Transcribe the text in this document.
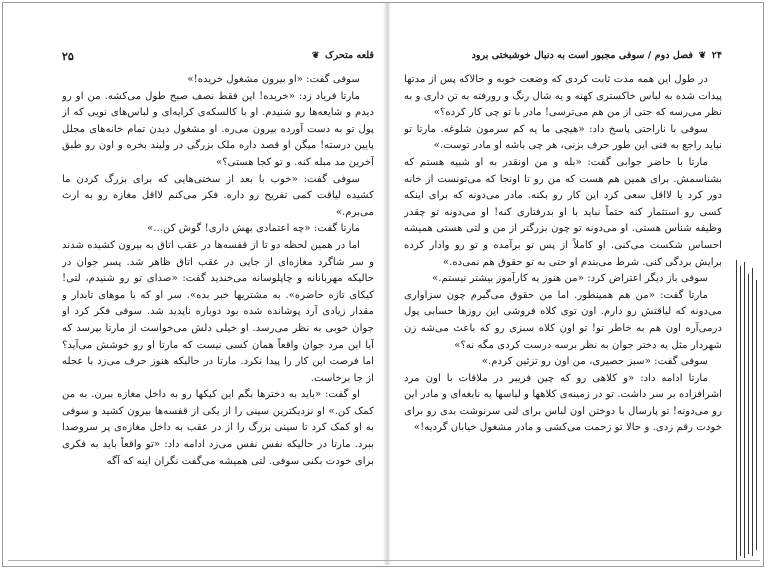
قلعه متحرک ❦
۲۵	۲۴ ❦ فصل دوم / سوفی مجبور است به دنبال خوشبختی برود

سوفی گفت: «او بیرون مشغول خریده!»

مارتا فریاد زد: «خریده! این فقط نصف صبح طول می‌کشه. من او رو دیدم و شایعه‌ها رو شنیدم. او با کالسکه‌ی کرایه‌ای و لباس‌های نویی که از پول تو به دست آورده بیرون می‌ره. او مشغول دیدن تمام خانه‌های مجلل پایین درسته! میگن او قصد داره ملک بزرگی در ولیند بخره و اون رو طبق آخرین مد مبله کنه. و تو کجا هستی؟»

سوفی گفت: «خوب با بعد از سختی‌هایی که برای بزرگ کردن ما کشیده لیاقت کمی تفریح رو داره. فکر می‌کنم لااقل مغازه رو به ارث می‌برم.»

مارتا گفت: «چه اعتمادی بهش داری! گوش کن...»

اما در همین لحظه دو تا از قفسه‌ها در عقب اتاق به بیرون کشیده شدند و سر شاگرد مغازه‌ای از جایی در عقب اتاق ظاهر شد. پسر جوان در حالیکه مهربانانه و چاپلوسانه می‌خندید گفت: «صدای تو رو شنیدم، لتی! کیکای تازه حاضره». به مشتریها خبر بده». سر او که با موهای تابدار و مقدار زیادی آرد پوشانده شده بود دوباره ناپدید شد. سوفی فکر کرد او جوان خوبی به نظر می‌رسد. او خیلی دلش می‌خواست از مارتا بپرسد که آیا این مرد جوان واقعاً همان کسی نیست که مارتا او رو خوشش می‌آید؟ اما فرصت این کار را پیدا نکرد. مارتا در حالیکه هنوز حرف می‌زد با عجله از جا برخاست.

او گفت: «باید به دخترها بگم این کیکها رو به داخل مغازه ببرن. به من کمک کن.» او نزدیکترین سینی را از یکی از قفسه‌ها بیرون کشید و سوفی به او کمک کرد تا سینی بزرگ را از در عقب به داخل مغازه‌ی پر سروصدا ببرد. مارتا در حالیکه نفس نفس می‌زد ادامه داد: «تو واقعاً باید به فکری برای خودت بکنی سوفی. لتی همیشه می‌گفت نگران اینه که آگه

در طول این همه مدت ثابت کردی که وضعت خوبه و حالاکه پس از مدتها پیدات شده به لباس خاکستری کهنه و یه شال رنگ و رورفته به تن داری و به نظر می‌رسه که حتی از من هم می‌ترسی! مادر با تو چی کار کرده؟»

سوفی با ناراحتی پاسخ داد: «هیچی ما یه کم سرمون شلوغه. مارتا تو نباید راجع به فنی این طور حرف بزنی، هر چی باشه او مادر توست.»

مارتا با حاضر جوابی گفت: «بله و من اونقدر به او شبیه هستم که بشناسمش. برای همین هم هست که من رو تا اونجا که می‌تونست از خانه دور کرد یا لااقل سعی کرد این کار رو بکنه. مادر می‌دونه که برای اینکه کسی رو استثمار کنه حتماً نباید با او بدرفتاری کنه! او می‌دونه تو چقدر وظیفه شناس هستی. او می‌دونه تو چون بزرگتر از من و لتی هستی همیشه احساس شکست می‌کنی. او کاملاً از پس تو برآمده و تو رو وادار کرده برایش بردگی کنی. شرط می‌بندم او حتی به تو حقوق هم نمی‌ده.»

سوفی باز دیگر اعتراض کرد: «من هنوز یه کارآموز بیشتر نیستم.»

مارتا گفت: «من هم همینطور. اما من حقوق می‌گیرم چون سزاواری می‌دونه که لیاقتش رو دارم. اون توی کلاه فروشی این روزها حسابی پول درمی‌آره اون هم به خاطر تو! تو اون کلاه سبزی رو که باعث می‌شه زن شهردار مثل یه دختر جوان به نظر برسه درست کردی مگه نه؟»

سوفی گفت: «سبز حصیری، من اون رو تزئین کردم.»

مارتا ادامه داد: «و کلاهی رو که چین فریبر در ملاقات با اون مرد اشرافزاده بر سر داشت. تو در زمینه‌ی کلاهها و لباسها یه نابغه‌ای و مادر این رو می‌دونه! تو پارسال با دوختن اون لباس برای لتی سرنوشت بدی رو برای خودت رقم زدی. و حالا تو زحمت می‌کشی و مادر مشغول خیابان گردیه!»
